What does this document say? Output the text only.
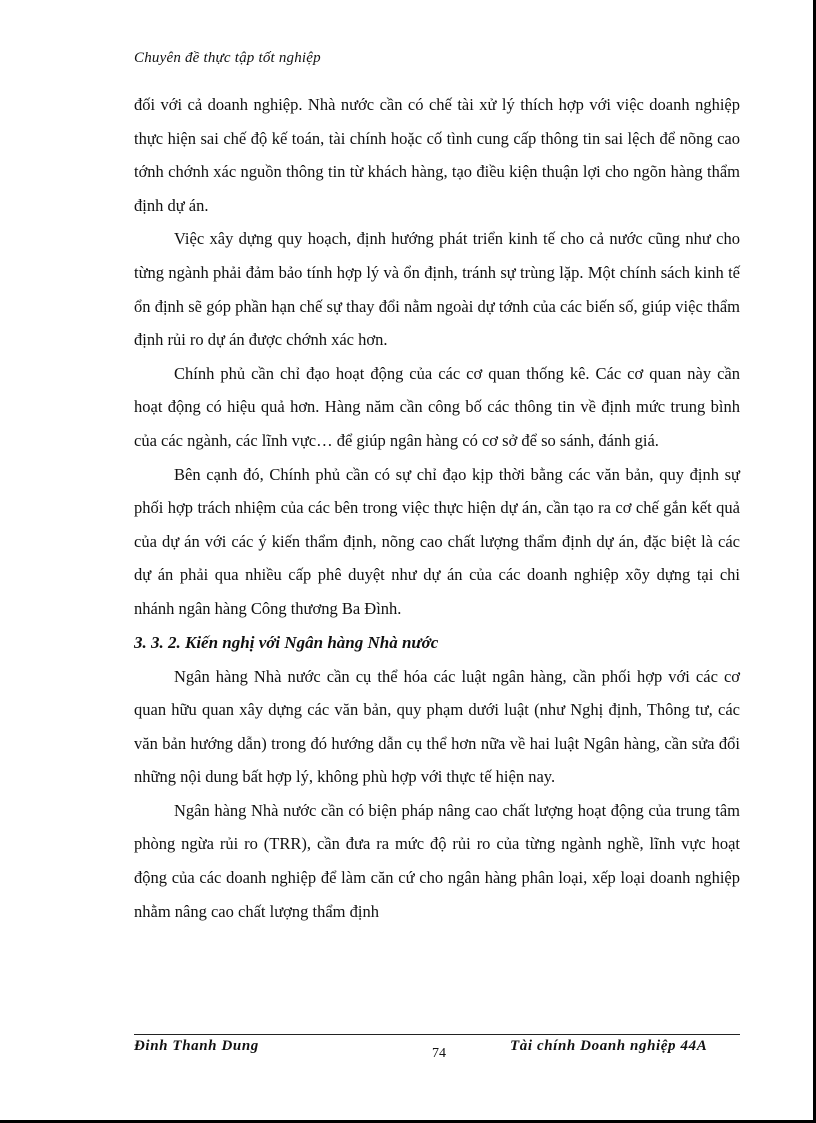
Chuyên đề thực tập tốt nghiệp

đối với cả doanh nghiệp. Nhà nước cần có chế tài xử lý thích hợp với việc doanh nghiệp thực hiện sai chế độ kế toán, tài chính hoặc cố tình cung cấp thông tin sai lệch để nõng cao tớnh chớnh xác nguồn thông tin từ khách hàng, tạo điều kiện thuận lợi cho ngõn hàng thẩm định dự án.

Việc xây dựng quy hoạch, định hướng phát triển kinh tế cho cả nước cũng như cho từng ngành phải đảm bảo tính hợp lý và ổn định, tránh sự trùng lặp. Một chính sách kinh tế ổn định sẽ góp phần hạn chế sự thay đổi nằm ngoài dự tớnh của các biến số, giúp việc thẩm định rủi ro dự án được chớnh xác hơn.

Chính phủ cần chỉ đạo hoạt động của các cơ quan thống kê. Các cơ quan này cần hoạt động có hiệu quả hơn. Hàng năm cần công bố các thông tin về định mức trung bình của các ngành, các lĩnh vực… để giúp ngân hàng có cơ sở để so sánh, đánh giá.

Bên cạnh đó, Chính phủ cần có sự chỉ đạo kịp thời bằng các văn bản, quy định sự phối hợp trách nhiệm của các bên trong việc thực hiện dự án, cần tạo ra cơ chế gắn kết quả của dự án với các ý kiến thẩm định, nõng cao chất lượng thẩm định dự án, đặc biệt là các dự án phải qua nhiều cấp phê duyệt như dự án của các doanh nghiệp xõy dựng tại chi nhánh ngân hàng Công thương Ba Đình.

3. 3. 2. Kiến nghị với Ngân hàng Nhà nước

Ngân hàng Nhà nước cần cụ thể hóa các luật ngân hàng, cần phối hợp với các cơ quan hữu quan xây dựng các văn bản, quy phạm dưới luật (như Nghị định, Thông tư, các văn bản hướng dẫn) trong đó hướng dẫn cụ thể hơn nữa về hai luật Ngân hàng, cần sửa đổi những nội dung bất hợp lý, không phù hợp với thực tế hiện nay.

Ngân hàng Nhà nước cần có biện pháp nâng cao chất lượng hoạt động của trung tâm phòng ngừa rủi ro (TRR), cần đưa ra mức độ rủi ro của từng ngành nghề, lĩnh vực hoạt động của các doanh nghiệp để làm căn cứ cho ngân hàng phân loại, xếp loại doanh nghiệp nhằm nâng cao chất lượng thẩm định

Đinh Thanh Dung	74	Tài chính Doanh nghiệp 44A
